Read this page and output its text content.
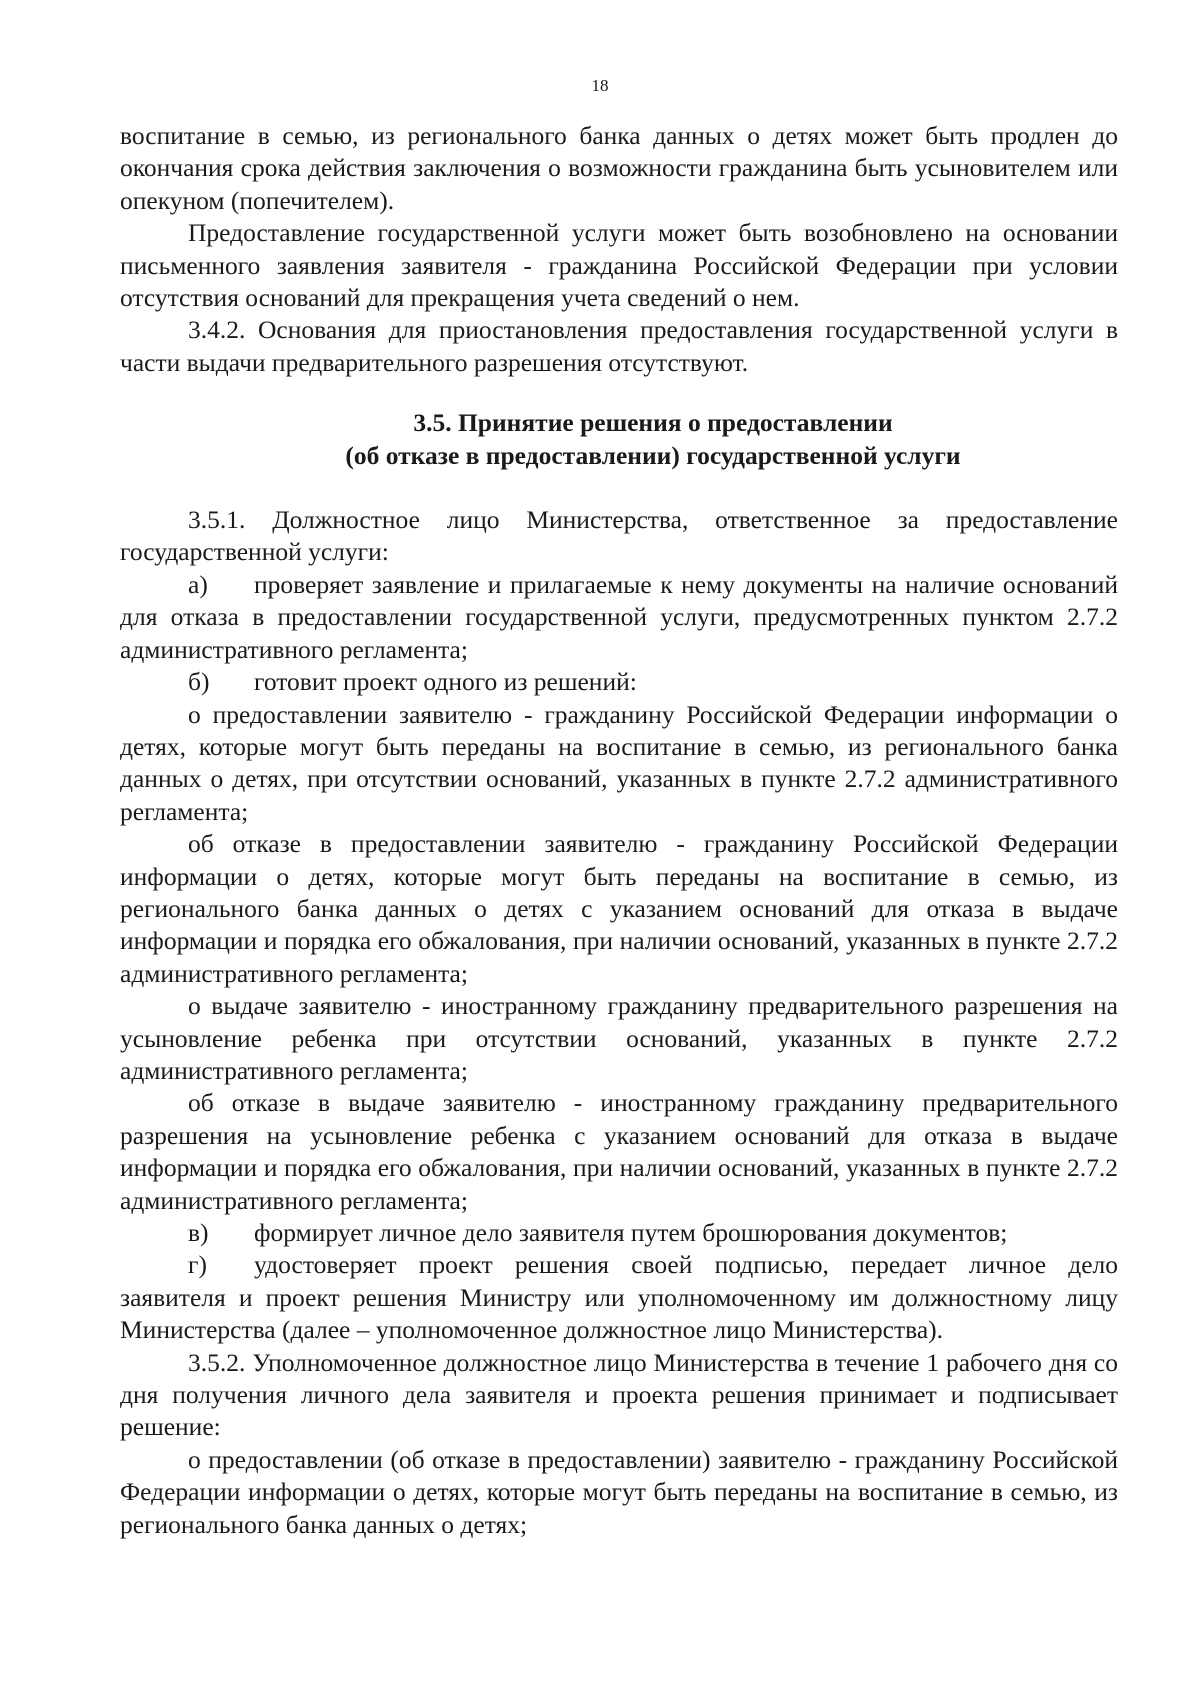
18

воспитание в семью, из регионального банка данных о детях может быть продлен до окончания срока действия заключения о возможности гражданина быть усыновителем или опекуном (попечителем).

Предоставление государственной услуги может быть возобновлено на основании письменного заявления заявителя - гражданина Российской Федерации при условии отсутствия оснований для прекращения учета сведений о нем.

3.4.2. Основания для приостановления предоставления государственной услуги в части выдачи предварительного разрешения отсутствуют.

3.5. Принятие решения о предоставлении

(об отказе в предоставлении) государственной услуги

3.5.1. Должностное лицо Министерства, ответственное за предоставление государственной услуги:

а) проверяет заявление и прилагаемые к нему документы на наличие оснований для отказа в предоставлении государственной услуги, предусмотренных пунктом 2.7.2 административного регламента;

б) готовит проект одного из решений:

о предоставлении заявителю - гражданину Российской Федерации информации о детях, которые могут быть переданы на воспитание в семью, из регионального банка данных о детях, при отсутствии оснований, указанных в пункте 2.7.2 административного регламента;

об отказе в предоставлении заявителю - гражданину Российской Федерации информации о детях, которые могут быть переданы на воспитание в семью, из регионального банка данных о детях с указанием оснований для отказа в выдаче информации и порядка его обжалования, при наличии оснований, указанных в пункте 2.7.2 административного регламента;

о выдаче заявителю - иностранному гражданину предварительного разрешения на усыновление ребенка при отсутствии оснований, указанных в пункте 2.7.2 административного регламента;

об отказе в выдаче заявителю - иностранному гражданину предварительного разрешения на усыновление ребенка с указанием оснований для отказа в выдаче информации и порядка его обжалования, при наличии оснований, указанных в пункте 2.7.2 административного регламента;

в) формирует личное дело заявителя путем брошюрования документов;

г) удостоверяет проект решения своей подписью, передает личное дело заявителя и проект решения Министру или уполномоченному им должностному лицу Министерства (далее – уполномоченное должностное лицо Министерства).

3.5.2. Уполномоченное должностное лицо Министерства в течение 1 рабочего дня со дня получения личного дела заявителя и проекта решения принимает и подписывает решение:

о предоставлении (об отказе в предоставлении) заявителю - гражданину Российской Федерации информации о детях, которые могут быть переданы на воспитание в семью, из регионального банка данных о детях;
